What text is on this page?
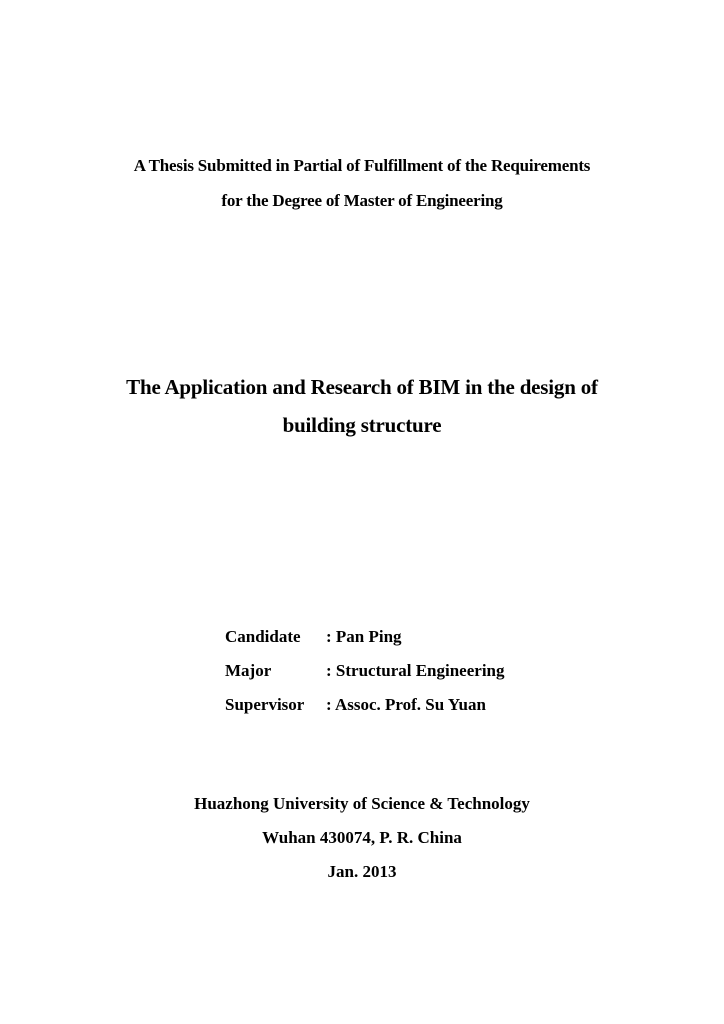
A Thesis Submitted in Partial of Fulfillment of the Requirements
for the Degree of Master of Engineering
The Application and Research of BIM in the design of
building structure
Candidate : Pan Ping
Major	: Structural Engineering
Supervisor : Assoc. Prof. Su Yuan
Huazhong University of Science & Technology
Wuhan 430074, P. R. China
Jan. 2013
